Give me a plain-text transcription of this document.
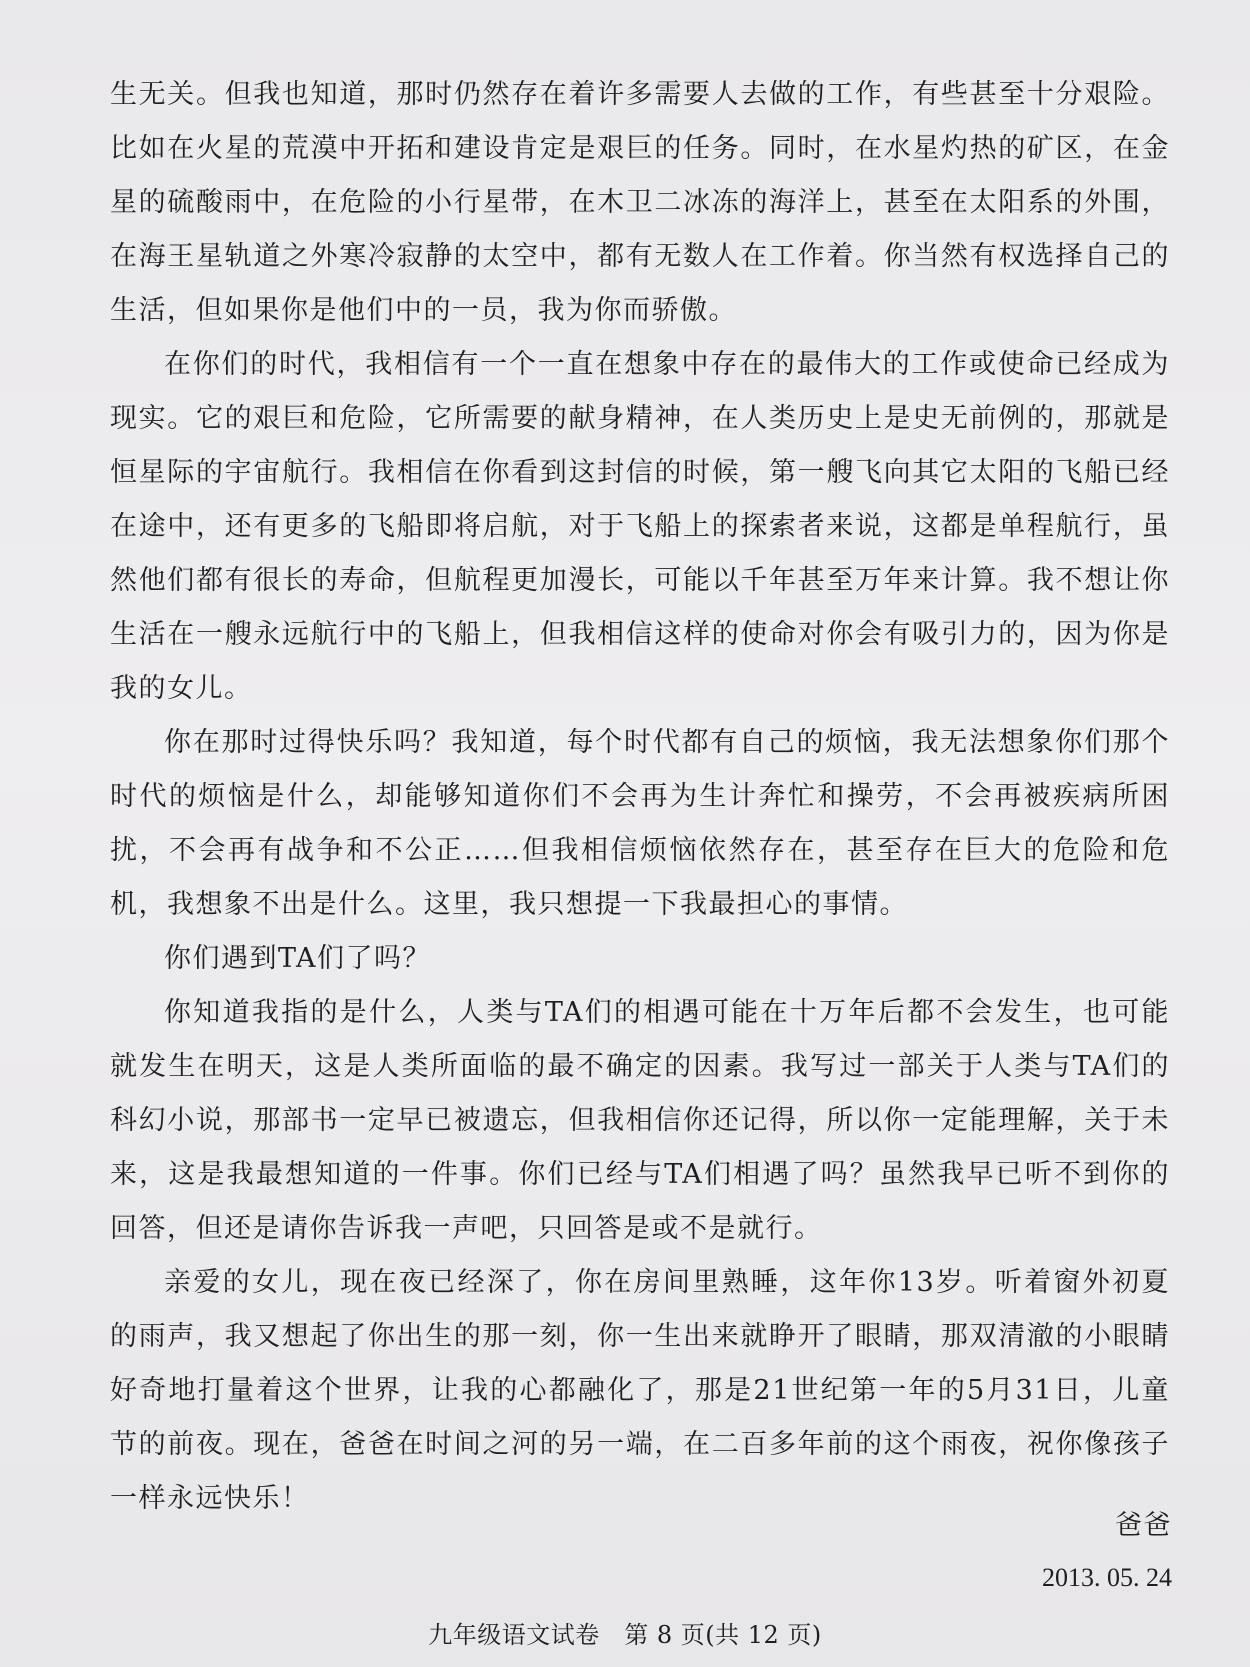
生无关。但我也知道，那时仍然存在着许多需要人去做的工作，有些甚至十分艰险。比如在火星的荒漠中开拓和建设肯定是艰巨的任务。同时，在水星灼热的矿区，在金星的硫酸雨中，在危险的小行星带，在木卫二冰冻的海洋上，甚至在太阳系的外围，在海王星轨道之外寒冷寂静的太空中，都有无数人在工作着。你当然有权选择自己的生活，但如果你是他们中的一员，我为你而骄傲。

在你们的时代，我相信有一个一直在想象中存在的最伟大的工作或使命已经成为现实。它的艰巨和危险，它所需要的献身精神，在人类历史上是史无前例的，那就是恒星际的宇宙航行。我相信在你看到这封信的时候，第一艘飞向其它太阳的飞船已经在途中，还有更多的飞船即将启航，对于飞船上的探索者来说，这都是单程航行，虽然他们都有很长的寿命，但航程更加漫长，可能以千年甚至万年来计算。我不想让你生活在一艘永远航行中的飞船上，但我相信这样的使命对你会有吸引力的，因为你是我的女儿。

你在那时过得快乐吗？我知道，每个时代都有自己的烦恼，我无法想象你们那个时代的烦恼是什么，却能够知道你们不会再为生计奔忙和操劳，不会再被疾病所困扰，不会再有战争和不公正……但我相信烦恼依然存在，甚至存在巨大的危险和危机，我想象不出是什么。这里，我只想提一下我最担心的事情。

你们遇到TA们了吗？

你知道我指的是什么，人类与TA们的相遇可能在十万年后都不会发生，也可能就发生在明天，这是人类所面临的最不确定的因素。我写过一部关于人类与TA们的科幻小说，那部书一定早已被遗忘，但我相信你还记得，所以你一定能理解，关于未来，这是我最想知道的一件事。你们已经与TA们相遇了吗？虽然我早已听不到你的回答，但还是请你告诉我一声吧，只回答是或不是就行。

亲爱的女儿，现在夜已经深了，你在房间里熟睡，这年你13岁。听着窗外初夏的雨声，我又想起了你出生的那一刻，你一生出来就睁开了眼睛，那双清澈的小眼睛好奇地打量着这个世界，让我的心都融化了，那是21世纪第一年的5月31日，儿童节的前夜。现在，爸爸在时间之河的另一端，在二百多年前的这个雨夜，祝你像孩子一样永远快乐！

爸爸
2013. 05. 24
九年级语文试卷　第 8 页(共 12 页)
